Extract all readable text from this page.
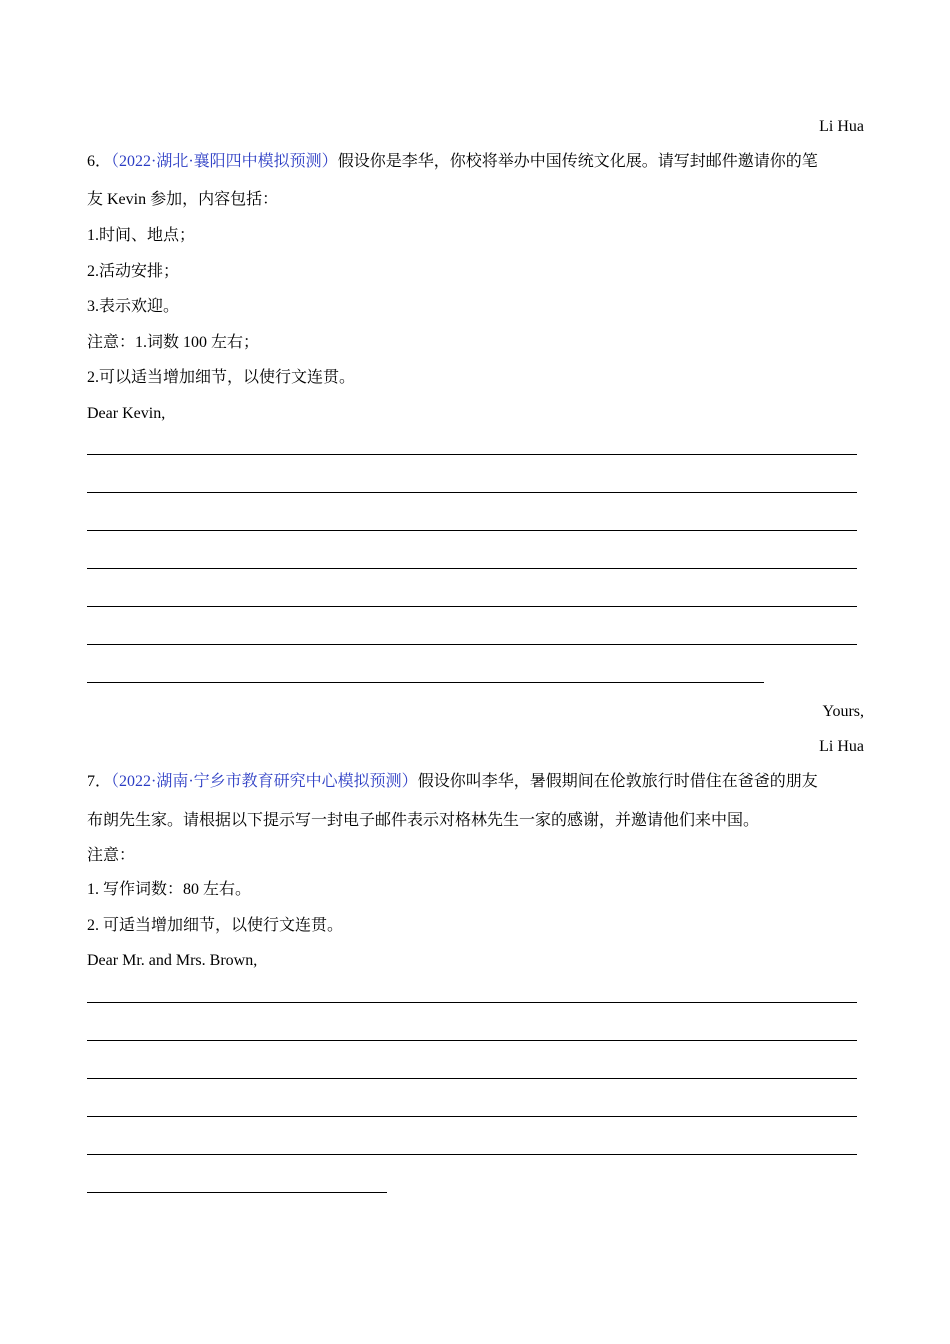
Li Hua
6．（2022·湖北·襄阳四中模拟预测）假设你是李华，你校将举办中国传统文化展。请写封邮件邀请你的笔
友 Kevin 参加，内容包括：
1.时间、地点；
2.活动安排；
3.表示欢迎。
注意：1.词数 100 左右；
2.可以适当增加细节，以使行文连贯。
Dear Kevin,
Yours,
Li Hua
7．（2022·湖南·宁乡市教育研究中心模拟预测）假设你叫李华，暑假期间在伦敦旅行时借住在爸爸的朋友
布朗先生家。请根据以下提示写一封电子邮件表示对格林先生一家的感谢，并邀请他们来中国。
注意：
1. 写作词数：80 左右。
2. 可适当增加细节，以使行文连贯。
Dear Mr. and Mrs. Brown,
